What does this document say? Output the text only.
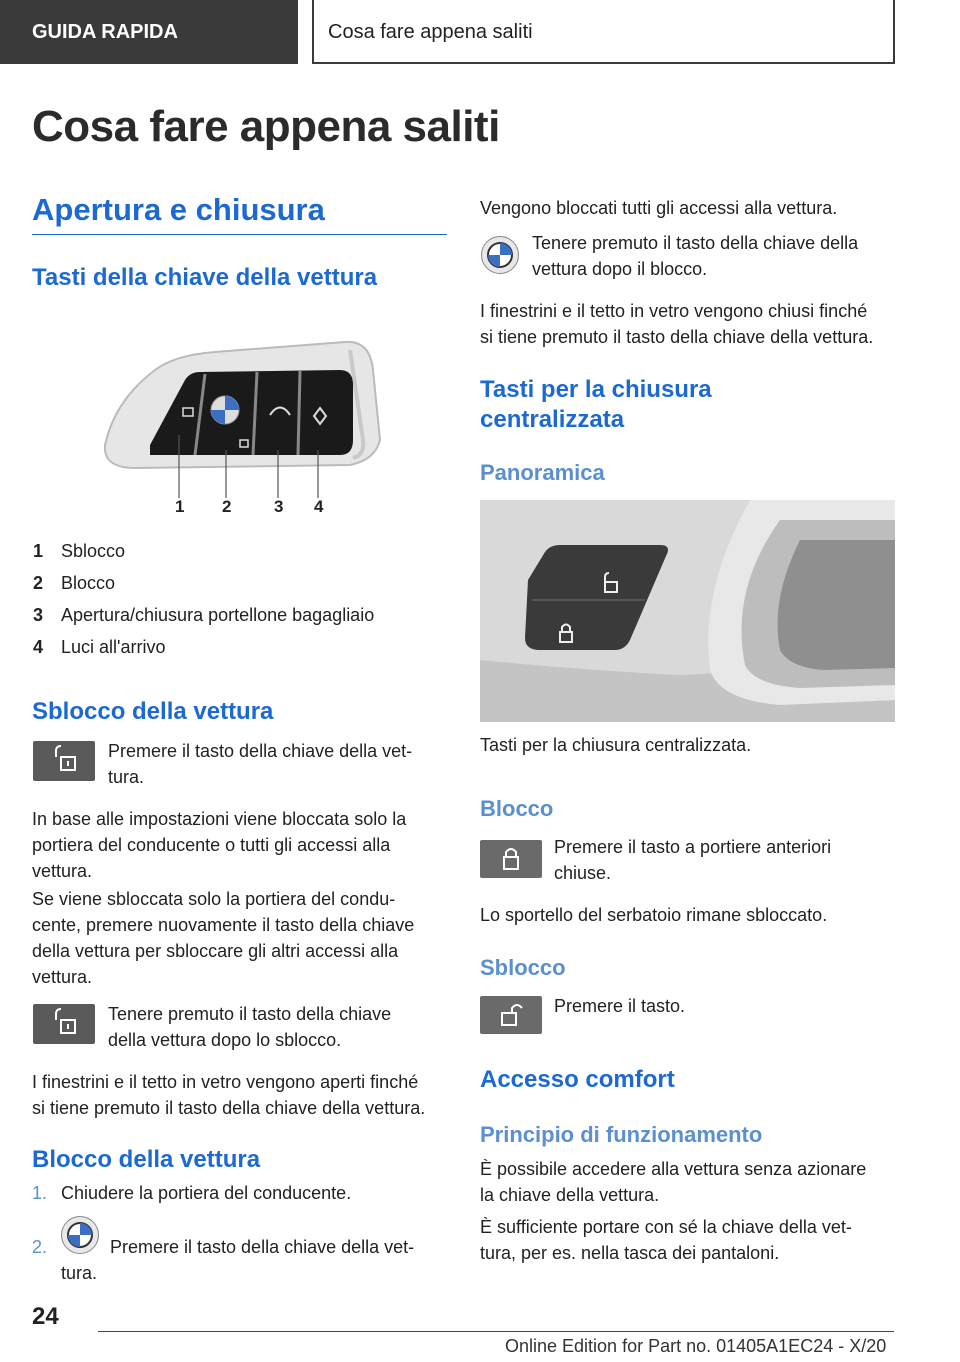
GUIDA RAPIDA	Cosa fare appena saliti
Cosa fare appena saliti
Apertura e chiusura
Tasti della chiave della vettura
1 2	3 4
1 Sblocco
2 Blocco
3 Apertura/chiusura portellone bagagliaio
4 Luci all'arrivo
Sblocco della vettura
Premere il tasto della chiave della vet-
tura.
In base alle impostazioni viene bloccata solo la
portiera del conducente o tutti gli accessi alla
vettura.
Se viene sbloccata solo la portiera del condu-
cente, premere nuovamente il tasto della chiave
della vettura per sbloccare gli altri accessi alla
vettura.
Tenere premuto il tasto della chiave
della vettura dopo lo sblocco.
I finestrini e il tetto in vetro vengono aperti finché
si tiene premuto il tasto della chiave della vettura.
Blocco della vettura
1. Chiudere la portiera del conducente.
2.	Premere il tasto della chiave della vet-
tura.
Vengono bloccati tutti gli accessi alla vettura.
Tenere premuto il tasto della chiave della
vettura dopo il blocco.
I finestrini e il tetto in vetro vengono chiusi finché
si tiene premuto il tasto della chiave della vettura.
Tasti per la chiusura
centralizzata
Panoramica
Tasti per la chiusura centralizzata.
Blocco
Premere il tasto a portiere anteriori
chiuse.
Lo sportello del serbatoio rimane sbloccato.
Sblocco
Premere il tasto.
Accesso comfort
Principio di funzionamento
È possibile accedere alla vettura senza azionare
la chiave della vettura.
È sufficiente portare con sé la chiave della vet-
tura, per es. nella tasca dei pantaloni.
24
Online Edition for Part no. 01405A1EC24 - X/20
